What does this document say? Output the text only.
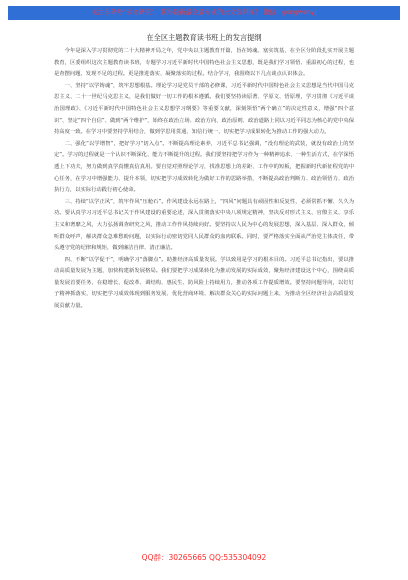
关注头条号"公文研究"，获得最新最全最专业的公文资料库！ 微信：gongwenyj
在全区主题教育读书班上的发言提纲

今年是深入学习贯彻党的二十大精神开局之年，党中央以主题教育开篇，旨在铸魂、塞实筑基，在全区分阶段扎实开展主题教育，区委组织这次主题教育读书班，专题学习习近平新时代中国特色社会主义思想，既是我们学习领悟、重温初心的过程，也是查摆问题、发现不足的过程。更是推进落实、凝聚落实的过程。结合学习，我围绕以下几点谈点认识体会。

一、坚持“以学铸魂”，筑牢思想根基。理论学习是党员干部的必修课，习近平新时代中国特色社会主义思想是当代中国马克思主义、二十一世纪马克思主义，是我们做好一切工作的根本遵循。我们要坚持读原著、学原文、悟原理，学习贯彻《习近平谈治国理政》、《习近平新时代中国特色社会主义思想学习纲要》等重要文献，深刻领悟“两个确立”的决定性意义，增强“四个意识”、坚定“四个自信”、做到“两个维护”，始终在政治立场、政治方向、政治原则、政治道路上同以习近平同志为核心的党中央保持高度一致。在学习中要坚持学用结合，做到学思用贯通、知信行统一，切实把学习成果转化为推动工作的强大动力。

二、强化“以学增智”，把好学习“切入点”。不断提高理论素养，习近平总书记强调，“没有理论的武装，就没有政治上的坚定”。学习的过程就是一个认识不断深化、能力不断提升的过程。我们要坚持把学习作为一种精神追求、一种生活方式，在学深悟透上下功夫，努力做到真学真懂真信真用。要自觉对照理论学习，找准思想上的差距、工作中的短板，把握新时代新征程党的中心任务，在学习中增强能力、提升本领，切实把学习成效转化为做好工作的思路举措，不断提高政治判断力、政治领悟力、政治执行力，以实际行动践行初心使命。

三、持续“以学正风”，筑牢作风“压舱石”。作风建设永远在路上，“四风”问题具有顽固性和反复性，必须常抓不懈、久久为功。要认真学习习近平总书记关于作风建设的重要论述，深入贯彻落实中央八项规定精神，坚决反对形式主义、官僚主义、享乐主义和奢靡之风，大力弘扬调查研究之风，推动工作作风持续向好。要坚持以人民为中心的发展思想，深入基层、深入群众，倾听群众呼声，解决群众急难愁盼问题，以实际行动密切党同人民群众的血肉联系。同时，要严格落实全面从严治党主体责任，带头遵守党的纪律和规矩，做到廉洁自律、清正廉洁。

四、不断“以学促干”，明确学习“落脚点”。助推经济高质量发展。学以致用是学习的根本目的。习近平总书记指出，要以推动高质量发展为主题，加快构建新发展格局。我们要把学习成果转化为推动发展的实际成效，聚焦经济建设这个中心，围绕高质量发展首要任务，在稳增长、促改革、调结构、惠民生、防风险上持续用力，推动各项工作提质增效。要坚持问题导向，以钉钉子精神抓落实，切实把学习成效体现到服务发展、优化营商环境、解决群众关心的实际问题上来，为推动全区经济社会高质量发展贡献力量。

QQ群：30265665 QQ:535304092
